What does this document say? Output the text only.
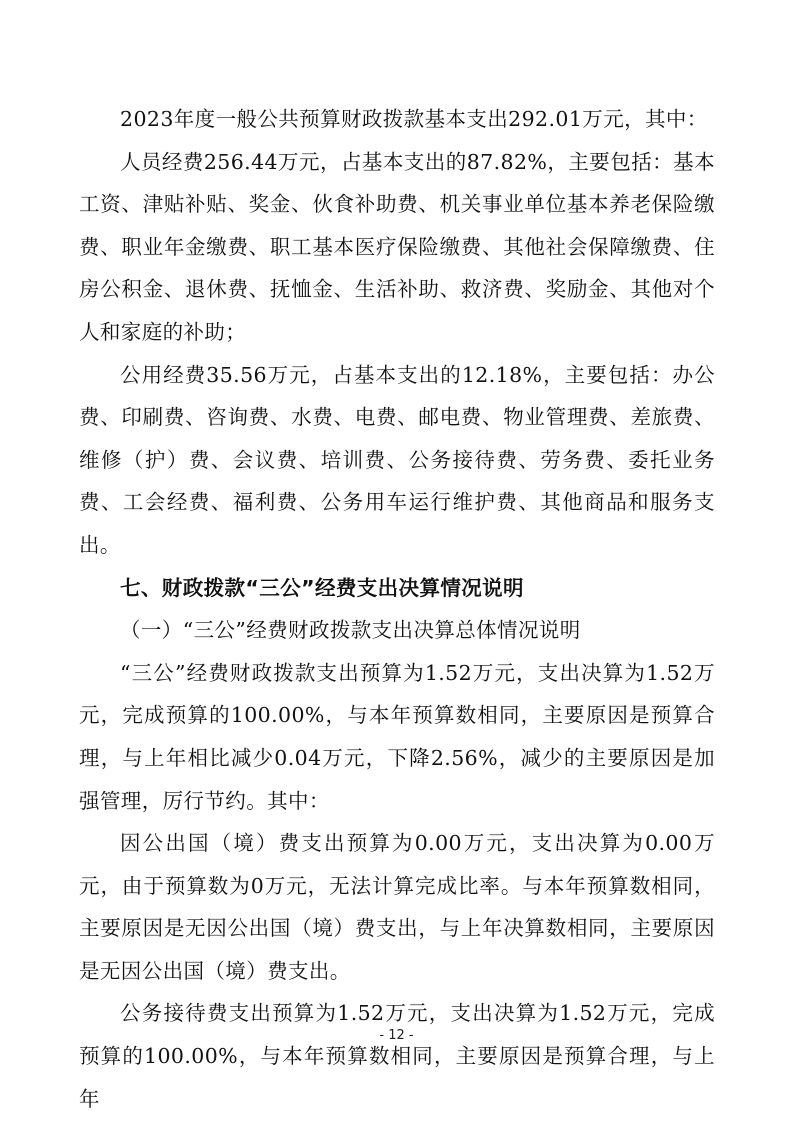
2023年度一般公共预算财政拨款基本支出292.01万元，其中：

人员经费256.44万元，占基本支出的87.82%，主要包括：基本工资、津贴补贴、奖金、伙食补助费、机关事业单位基本养老保险缴费、职业年金缴费、职工基本医疗保险缴费、其他社会保障缴费、住房公积金、退休费、抚恤金、生活补助、救济费、奖励金、其他对个人和家庭的补助；

公用经费35.56万元，占基本支出的12.18%，主要包括：办公费、印刷费、咨询费、水费、电费、邮电费、物业管理费、差旅费、维修（护）费、会议费、培训费、公务接待费、劳务费、委托业务费、工会经费、福利费、公务用车运行维护费、其他商品和服务支出。

七、财政拨款“三公”经费支出决算情况说明

（一）“三公”经费财政拨款支出决算总体情况说明

“三公”经费财政拨款支出预算为1.52万元，支出决算为1.52万元，完成预算的100.00%，与本年预算数相同，主要原因是预算合理，与上年相比减少0.04万元，下降2.56%，减少的主要原因是加强管理，厉行节约。其中：

因公出国（境）费支出预算为0.00万元，支出决算为0.00万元，由于预算数为0万元，无法计算完成比率。与本年预算数相同，主要原因是无因公出国（境）费支出，与上年决算数相同，主要原因是无因公出国（境）费支出。

公务接待费支出预算为1.52万元，支出决算为1.52万元，完成预算的100.00%，与本年预算数相同，主要原因是预算合理，与上年

- 12 -
